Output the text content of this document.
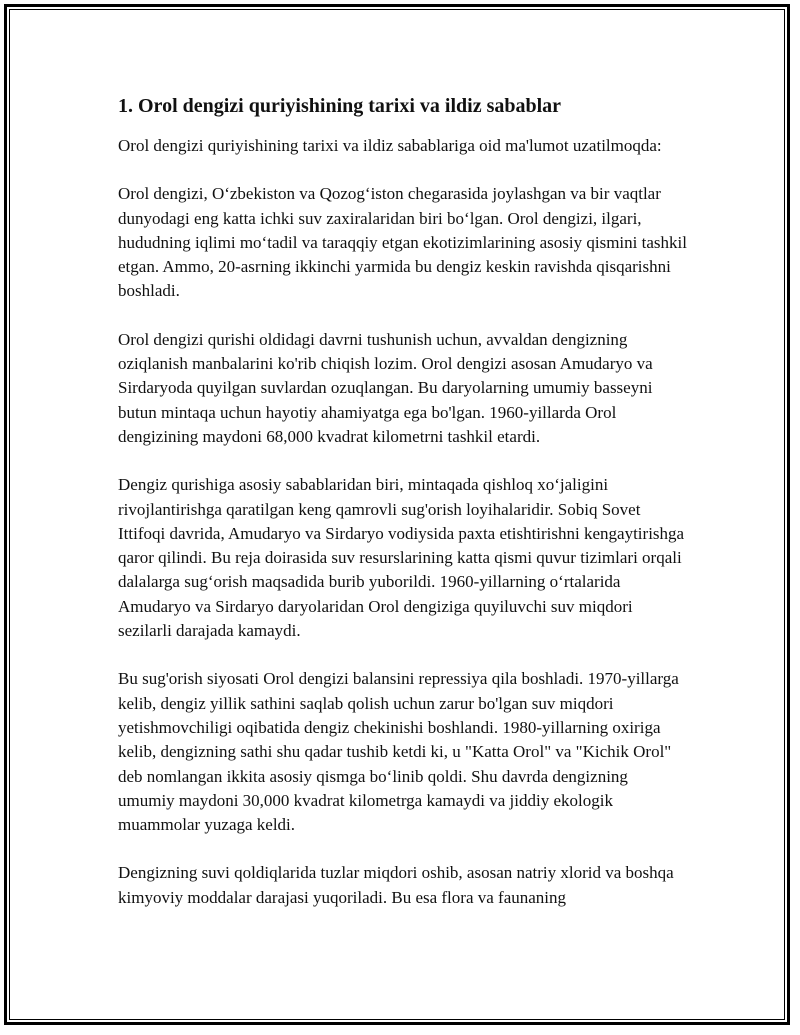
1. Orol dengizi quriyishining tarixi va ildiz sabablar

Orol dengizi quriyishining tarixi va ildiz sabablariga oid ma'lumot uzatilmoqda:

Orol dengizi, O‘zbekiston va Qozog‘iston chegarasida joylashgan va bir vaqtlar dunyodagi eng katta ichki suv zaxiralaridan biri bo‘lgan. Orol dengizi, ilgari, hududning iqlimi mo‘tadil va taraqqiy etgan ekotizimlarining asosiy qismini tashkil etgan. Ammo, 20-asrning ikkinchi yarmida bu dengiz keskin ravishda qisqarishni boshladi.

Orol dengizi qurishi oldidagi davrni tushunish uchun, avvaldan dengizning oziqlanish manbalarini ko'rib chiqish lozim. Orol dengizi asosan Amudaryo va Sirdaryoda quyilgan suvlardan ozuqlangan. Bu daryolarning umumiy basseyni butun mintaqa uchun hayotiy ahamiyatga ega bo'lgan. 1960-yillarda Orol dengizining maydoni 68,000 kvadrat kilometrni tashkil etardi.

Dengiz qurishiga asosiy sabablaridan biri, mintaqada qishloq xo‘jaligini rivojlantirishga qaratilgan keng qamrovli sug'orish loyihalaridir. Sobiq Sovet Ittifoqi davrida, Amudaryo va Sirdaryo vodiysida paxta etishtirishni kengaytirishga qaror qilindi. Bu reja doirasida suv resurslarining katta qismi quvur tizimlari orqali dalalarga sug‘orish maqsadida burib yuborildi. 1960-yillarning o‘rtalarida Amudaryo va Sirdaryo daryolaridan Orol dengiziga quyiluvchi suv miqdori sezilarli darajada kamaydi.

Bu sug'orish siyosati Orol dengizi balansini repressiya qila boshladi. 1970-yillarga kelib, dengiz yillik sathini saqlab qolish uchun zarur bo'lgan suv miqdori yetishmovchiligi oqibatida dengiz chekinishi boshlandi. 1980-yillarning oxiriga kelib, dengizning sathi shu qadar tushib ketdi ki, u "Katta Orol" va "Kichik Orol" deb nomlangan ikkita asosiy qismga bo‘linib qoldi. Shu davrda dengizning umumiy maydoni 30,000 kvadrat kilometrga kamaydi va jiddiy ekologik muammolar yuzaga keldi.

Dengizning suvi qoldiqlarida tuzlar miqdori oshib, asosan natriy xlorid va boshqa kimyoviy moddalar darajasi yuqoriladi. Bu esa flora va faunaning
